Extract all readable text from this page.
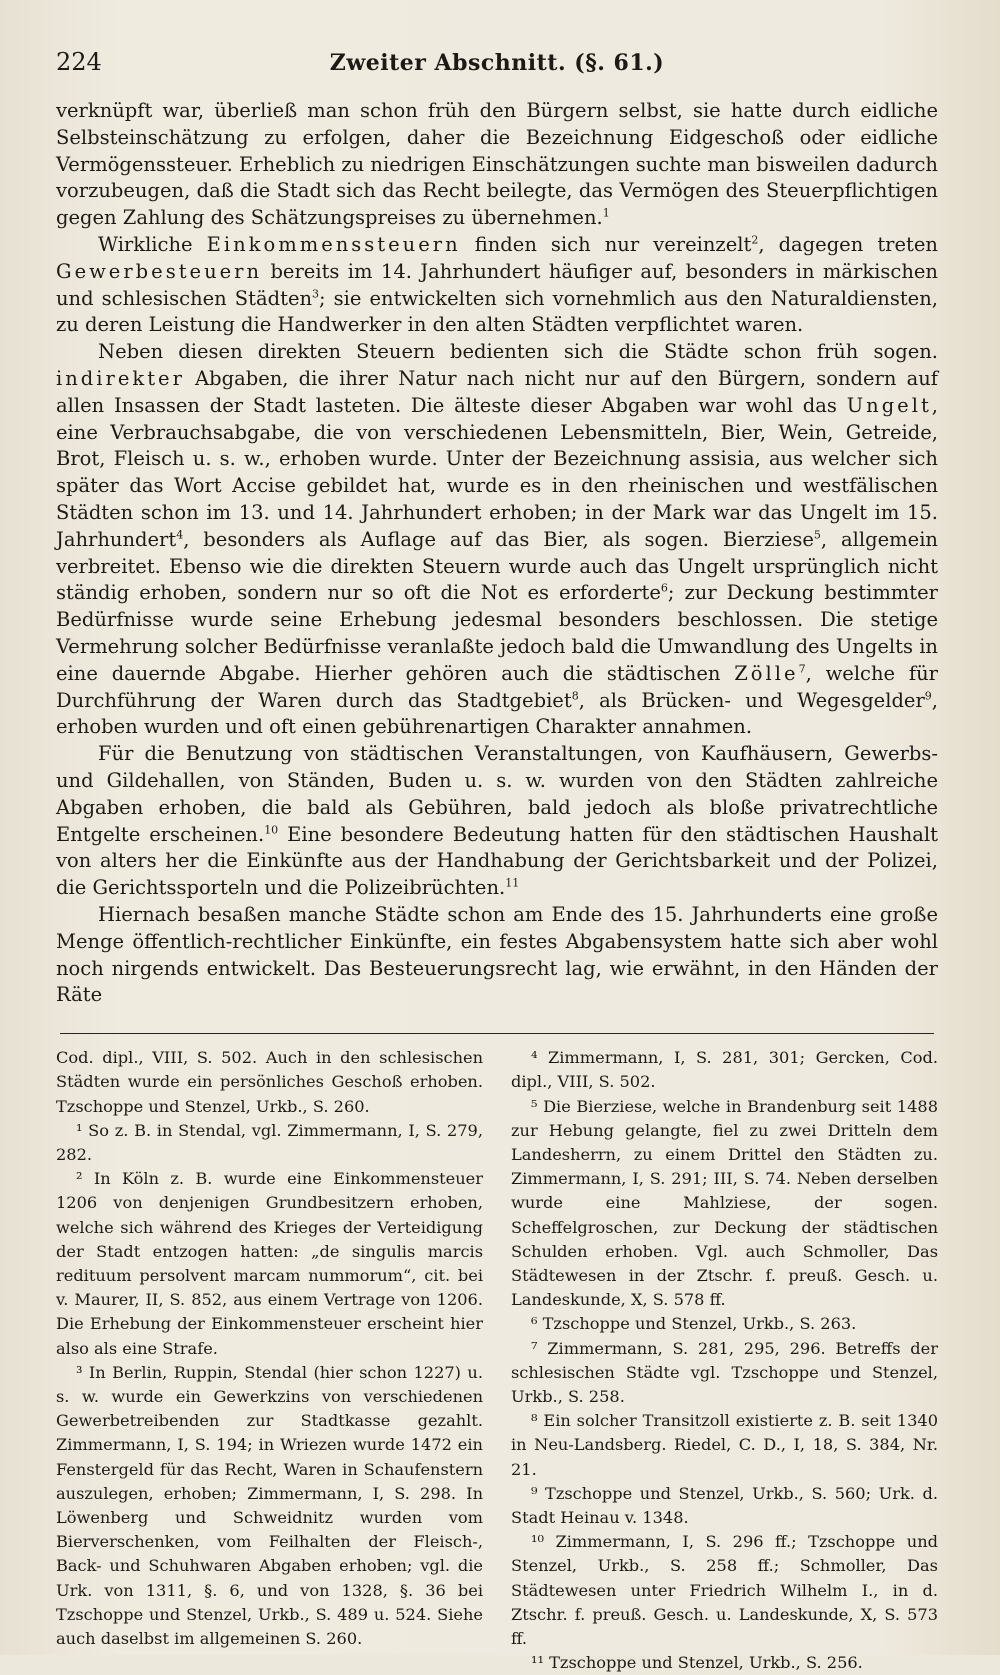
224	Zweiter Abschnitt. (§. 61.)

verknüpft war, überließ man schon früh den Bürgern selbst, sie hatte durch eidliche Selbsteinschätzung zu erfolgen, daher die Bezeichnung Eidgeschoß oder eidliche Vermögenssteuer. Erheblich zu niedrigen Einschätzungen suchte man bisweilen dadurch vorzubeugen, daß die Stadt sich das Recht beilegte, das Vermögen des Steuerpflichtigen gegen Zahlung des Schätzungspreises zu übernehmen.$^1$

Wirkliche Einkommenssteuern finden sich nur vereinzelt$^2$, dagegen treten Gewerbesteuern bereits im 14. Jahrhundert häufiger auf, besonders in märkischen und schlesischen Städten$^3$; sie entwickelten sich vornehmlich aus den Naturaldiensten, zu deren Leistung die Handwerker in den alten Städten verpflichtet waren.

Neben diesen direkten Steuern bedienten sich die Städte schon früh sogen. indirekter Abgaben, die ihrer Natur nach nicht nur auf den Bürgern, sondern auf allen Insassen der Stadt lasteten. Die älteste dieser Abgaben war wohl das Ungelt, eine Verbrauchsabgabe, die von verschiedenen Lebensmitteln, Bier, Wein, Getreide, Brot, Fleisch u. s. w., erhoben wurde. Unter der Bezeichnung assisia, aus welcher sich später das Wort Accise gebildet hat, wurde es in den rheinischen und westfälischen Städten schon im 13. und 14. Jahrhundert erhoben; in der Mark war das Ungelt im 15. Jahrhundert$^4$, besonders als Auflage auf das Bier, als sogen. Bierziese$^5$, allgemein verbreitet. Ebenso wie die direkten Steuern wurde auch das Ungelt ursprünglich nicht ständig erhoben, sondern nur so oft die Not es erforderte$^6$; zur Deckung bestimmter Bedürfnisse wurde seine Erhebung jedesmal besonders beschlossen. Die stetige Vermehrung solcher Bedürfnisse veranlaßte jedoch bald die Umwandlung des Ungelts in eine dauernde Abgabe. Hierher gehören auch die städtischen Zölle$^7$, welche für Durchführung der Waren durch das Stadtgebiet$^8$, als Brücken- und Wegesgelder$^9$, erhoben wurden und oft einen gebührenartigen Charakter annahmen.

Für die Benutzung von städtischen Veranstaltungen, von Kaufhäusern, Gewerbs- und Gildehallen, von Ständen, Buden u. s. w. wurden von den Städten zahlreiche Abgaben erhoben, die bald als Gebühren, bald jedoch als bloße privatrechtliche Entgelte erscheinen.$^{10}$ Eine besondere Bedeutung hatten für den städtischen Haushalt von alters her die Einkünfte aus der Handhabung der Gerichtsbarkeit und der Polizei, die Gerichtssporteln und die Polizeibrüchten.$^{11}$

Hiernach besaßen manche Städte schon am Ende des 15. Jahrhunderts eine große Menge öffentlich-rechtlicher Einkünfte, ein festes Abgabensystem hatte sich aber wohl noch nirgends entwickelt. Das Besteuerungsrecht lag, wie erwähnt, in den Händen der Räte

Cod. dipl., VIII, S. 502. Auch in den schlesischen Städten wurde ein persönliches Geschoß erhoben. Tzschoppe und Stenzel, Urkb., S. 260.

¹ So z. B. in Stendal, vgl. Zimmermann, I, S. 279, 282.

² In Köln z. B. wurde eine Einkommensteuer 1206 von denjenigen Grundbesitzern erhoben, welche sich während des Krieges der Verteidigung der Stadt entzogen hatten: „de singulis marcis redituum persolvent marcam nummorum“, cit. bei v. Maurer, II, S. 852, aus einem Vertrage von 1206. Die Erhebung der Einkommensteuer erscheint hier also als eine Strafe.

³ In Berlin, Ruppin, Stendal (hier schon 1227) u. s. w. wurde ein Gewerkzins von verschiedenen Gewerbetreibenden zur Stadtkasse gezahlt. Zimmermann, I, S. 194; in Wriezen wurde 1472 ein Fenstergeld für das Recht, Waren in Schaufenstern auszulegen, erhoben; Zimmermann, I, S. 298. In Löwenberg und Schweidnitz wurden vom Bierverschenken, vom Feilhalten der Fleisch-, Back- und Schuhwaren Abgaben erhoben; vgl. die Urk. von 1311, §. 6, und von 1328, §. 36 bei Tzschoppe und Stenzel, Urkb., S. 489 u. 524. Siehe auch daselbst im allgemeinen S. 260.

⁴ Zimmermann, I, S. 281, 301; Gercken, Cod. dipl., VIII, S. 502.

⁵ Die Bierziese, welche in Brandenburg seit 1488 zur Hebung gelangte, fiel zu zwei Dritteln dem Landesherrn, zu einem Drittel den Städten zu. Zimmermann, I, S. 291; III, S. 74. Neben derselben wurde eine Mahlziese, der sogen. Scheffelgroschen, zur Deckung der städtischen Schulden erhoben. Vgl. auch Schmoller, Das Städtewesen in der Ztschr. f. preuß. Gesch. u. Landeskunde, X, S. 578 ff.

⁶ Tzschoppe und Stenzel, Urkb., S. 263.

⁷ Zimmermann, S. 281, 295, 296. Betreffs der schlesischen Städte vgl. Tzschoppe und Stenzel, Urkb., S. 258.

⁸ Ein solcher Transitzoll existierte z. B. seit 1340 in Neu-Landsberg. Riedel, C. D., I, 18, S. 384, Nr. 21.

⁹ Tzschoppe und Stenzel, Urkb., S. 560; Urk. d. Stadt Heinau v. 1348.

¹⁰ Zimmermann, I, S. 296 ff.; Tzschoppe und Stenzel, Urkb., S. 258 ff.; Schmoller, Das Städtewesen unter Friedrich Wilhelm I., in d. Ztschr. f. preuß. Gesch. u. Landeskunde, X, S. 573 ff.

¹¹ Tzschoppe und Stenzel, Urkb., S. 256.
